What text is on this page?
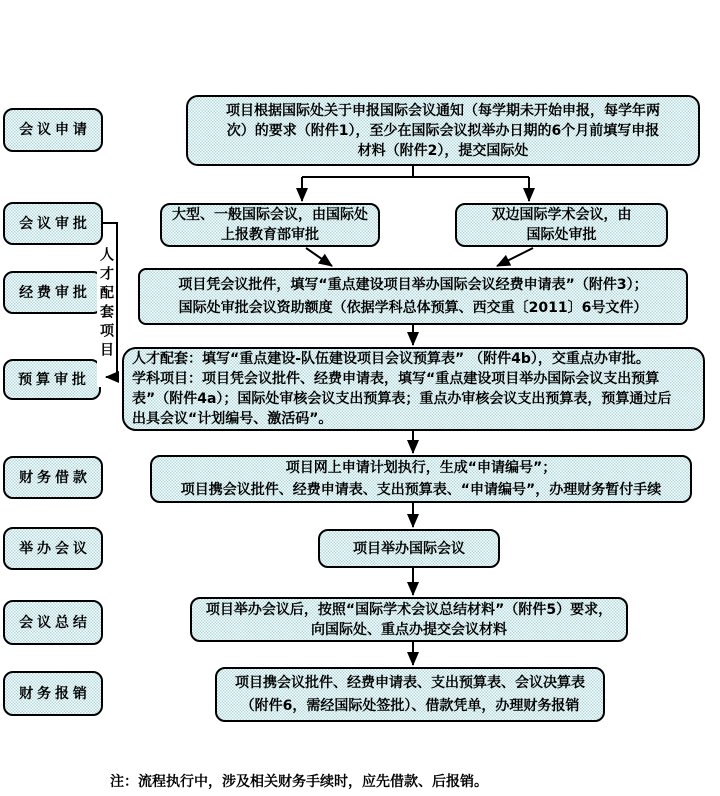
会议申请
会议审批
经费审批
预算审批
财务借款
举办会议
会议总结
财务报销
人才配套项目
项目根据国际处关于申报国际会议通知（每学期未开始申报，每学年两
次）的要求（附件1），至少在国际会议拟举办日期的6个月前填写申报
材料（附件2），提交国际处
大型、一般国际会议，由国际处
上报教育部审批
双边国际学术会议，由
国际处审批
项目凭会议批件，填写“重点建设项目举办国际会议经费申请表”（附件3）；
国际处审批会议资助额度（依据学科总体预算、西交重〔2011〕6号文件）
人才配套：填写“重点建设-队伍建设项目会议预算表” （附件4b），交重点办审批。
学科项目：项目凭会议批件、经费申请表，填写“重点建设项目举办国际会议支出预算
表”（附件4a）；国际处审核会议支出预算表；重点办审核会议支出预算表，预算通过后
出具会议“计划编号、激活码”。
项目网上申请计划执行，生成“申请编号”；
项目携会议批件、经费申请表、支出预算表、“申请编号”，办理财务暂付手续
项目举办国际会议
项目举办会议后，按照“国际学术会议总结材料”（附件5）要求，
向国际处、重点办提交会议材料
项目携会议批件、经费申请表、支出预算表、会议决算表
（附件6，需经国际处签批）、借款凭单，办理财务报销
注：流程执行中，涉及相关财务手续时，应先借款、后报销。
